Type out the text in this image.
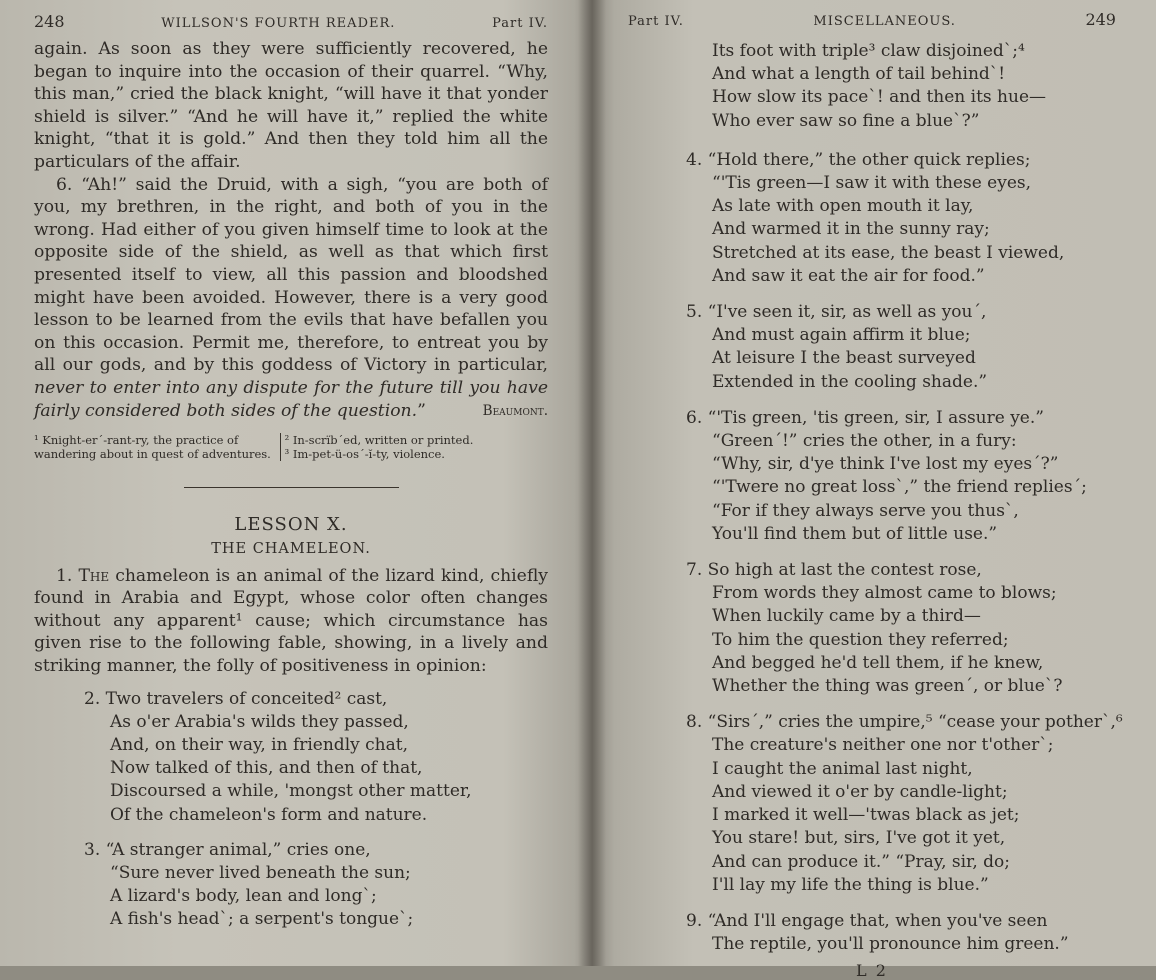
248	WILLSON'S FOURTH READER.	Part IV.

again. As soon as they were sufficiently recovered, he began to inquire into the occasion of their quarrel. “Why, this man,” cried the black knight, “will have it that yonder shield is silver.” “And he will have it,” replied the white knight, “that it is gold.” And then they told him all the particulars of the affair.

6. “Ah!” said the Druid, with a sigh, “you are both of you, my brethren, in the right, and both of you in the wrong. Had either of you given himself time to look at the opposite side of the shield, as well as that which first presented itself to view, all this passion and bloodshed might have been avoided. However, there is a very good lesson to be learned from the evils that have befallen you on this occasion. Permit me, therefore, to entreat you by all our gods, and by this goddess of Victory in particular, never to enter into any dispute for the future till you have fairly considered both sides of the question.”	Beaumont.
¹ Knight-er´-rant-ry, the practice of wandering about in quest of adventures.
² In-scrïb´ed, written or printed.
³ Im-pet-ü-os´-ĭ-ty, violence.
LESSON X.
THE CHAMELEON.

1. The chameleon is an animal of the lizard kind, chiefly found in Arabia and Egypt, whose color often changes without any apparent¹ cause; which circumstance has given rise to the following fable, showing, in a lively and striking manner, the folly of positiveness in opinion:

2. Two travelers of conceited² cast,
As o'er Arabia's wilds they passed,
And, on their way, in friendly chat,
Now talked of this, and then of that,
Discoursed a while, 'mongst other matter,
Of the chameleon's form and nature.
3. “A stranger animal,” cries one,
“Sure never lived beneath the sun;
A lizard's body, lean and long`;
A fish's head`; a serpent's tongue`;
Part IV.	MISCELLANEOUS.	249
Its foot with triple³ claw disjoined`;⁴
And what a length of tail behind`!
How slow its pace`! and then its hue—
Who ever saw so fine a blue`?”
4. “Hold there,” the other quick replies;
“'Tis green—I saw it with these eyes,
As late with open mouth it lay,
And warmed it in the sunny ray;
Stretched at its ease, the beast I viewed,
And saw it eat the air for food.”
5. “I've seen it, sir, as well as you´,
And must again affirm it blue;
At leisure I the beast surveyed
Extended in the cooling shade.”
6. “'Tis green, 'tis green, sir, I assure ye.”
“Green´!” cries the other, in a fury:
“Why, sir, d'ye think I've lost my eyes´?”
“'Twere no great loss`,” the friend replies´;
“For if they always serve you thus`,
You'll find them but of little use.”
7. So high at last the contest rose,
From words they almost came to blows;
When luckily came by a third—
To him the question they referred;
And begged he'd tell them, if he knew,
Whether the thing was green´, or blue`?
8. “Sirs´,” cries the umpire,⁵ “cease your pother`,⁶
The creature's neither one nor t'other`;
I caught the animal last night,
And viewed it o'er by candle-light;
I marked it well—'twas black as jet;
You stare! but, sirs, I've got it yet,
And can produce it.” “Pray, sir, do;
I'll lay my life the thing is blue.”
9. “And I'll engage that, when you've seen
The reptile, you'll pronounce him green.”
L 2
